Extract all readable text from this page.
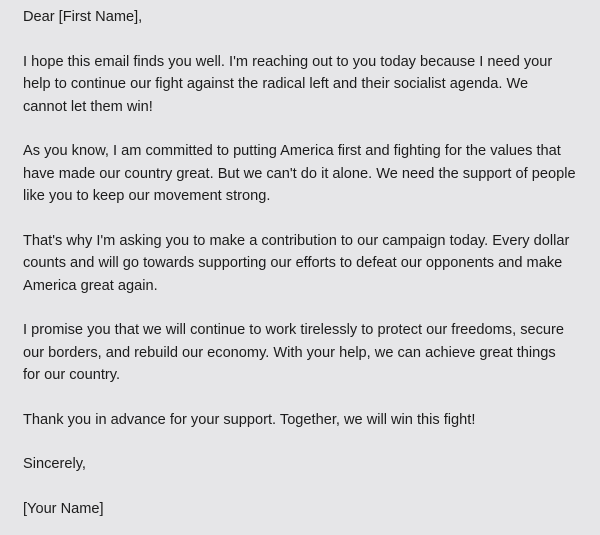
Dear [First Name],

I hope this email finds you well. I'm reaching out to you today because I need your help to continue our fight against the radical left and their socialist agenda. We cannot let them win!

As you know, I am committed to putting America first and fighting for the values that have made our country great. But we can't do it alone. We need the support of people like you to keep our movement strong.

That's why I'm asking you to make a contribution to our campaign today. Every dollar counts and will go towards supporting our efforts to defeat our opponents and make America great again.

I promise you that we will continue to work tirelessly to protect our freedoms, secure our borders, and rebuild our economy. With your help, we can achieve great things for our country.

Thank you in advance for your support. Together, we will win this fight!

Sincerely,

[Your Name]
